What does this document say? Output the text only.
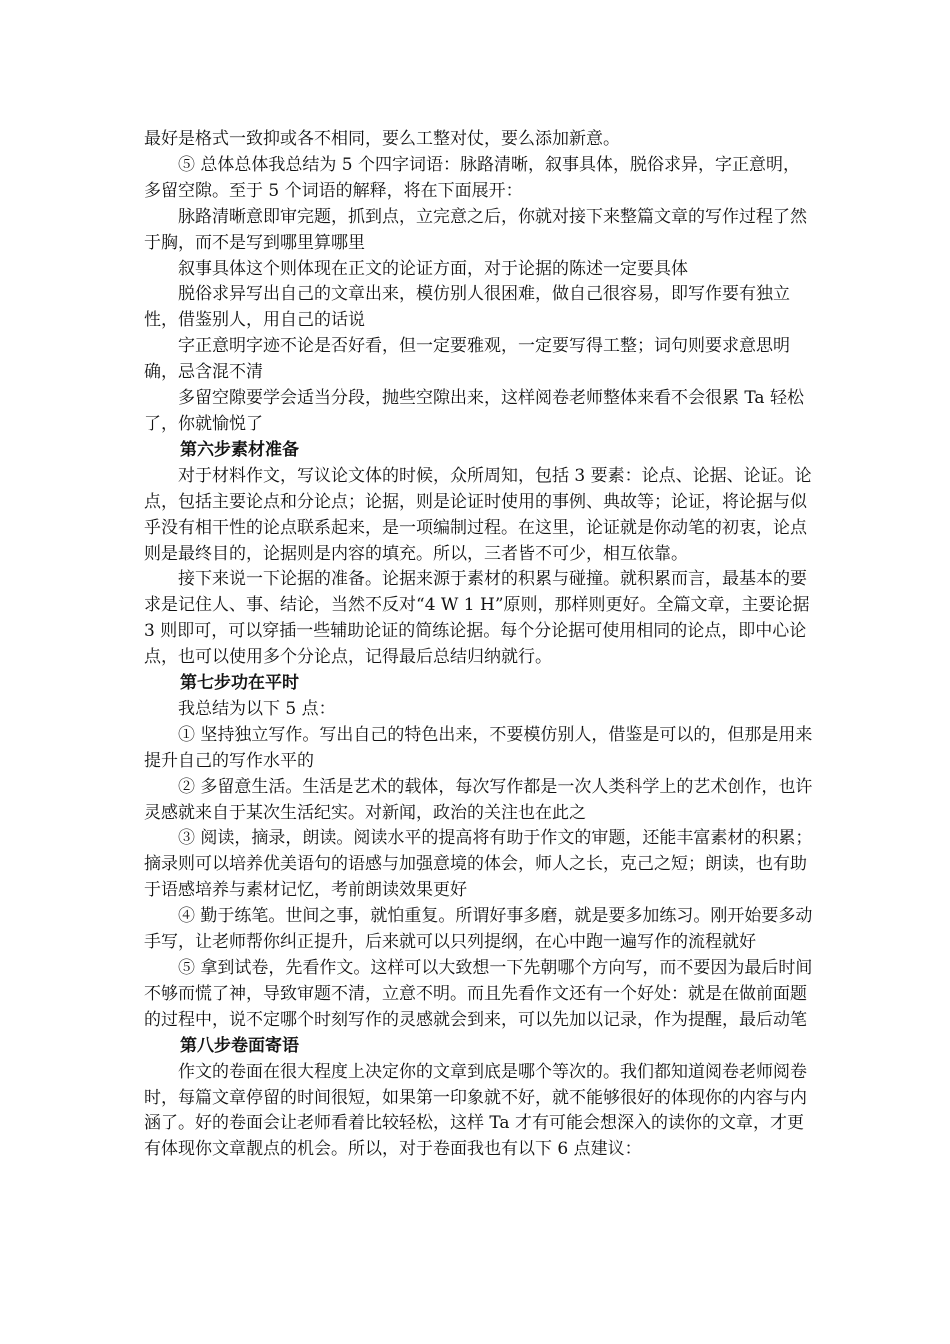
最好是格式一致抑或各不相同，要么工整对仗，要么添加新意。

⑤ 总体总体我总结为 5 个四字词语：脉路清晰，叙事具体，脱俗求异，字正意明，多留空隙。至于 5 个词语的解释，将在下面展开：

脉路清晰意即审完题，抓到点，立完意之后，你就对接下来整篇文章的写作过程了然于胸，而不是写到哪里算哪里

叙事具体这个则体现在正文的论证方面，对于论据的陈述一定要具体

脱俗求异写出自己的文章出来，模仿别人很困难，做自己很容易，即写作要有独立性，借鉴别人，用自己的话说

字正意明字迹不论是否好看，但一定要雅观，一定要写得工整；词句则要求意思明确，忌含混不清

多留空隙要学会适当分段，抛些空隙出来，这样阅卷老师整体来看不会很累 Ta 轻松了，你就愉悦了

第六步素材准备

对于材料作文，写议论文体的时候，众所周知，包括 3 要素：论点、论据、论证。论点，包括主要论点和分论点；论据，则是论证时使用的事例、典故等；论证，将论据与似乎没有相干性的论点联系起来，是一项编制过程。在这里，论证就是你动笔的初衷，论点则是最终目的，论据则是内容的填充。所以，三者皆不可少，相互依靠。

接下来说一下论据的准备。论据来源于素材的积累与碰撞。就积累而言，最基本的要求是记住人、事、结论，当然不反对“4 W 1 H”原则，那样则更好。全篇文章，主要论据 3 则即可，可以穿插一些辅助论证的简练论据。每个分论据可使用相同的论点，即中心论点，也可以使用多个分论点，记得最后总结归纳就行。

第七步功在平时

我总结为以下 5 点：

① 坚持独立写作。写出自己的特色出来，不要模仿别人，借鉴是可以的，但那是用来提升自己的写作水平的

② 多留意生活。生活是艺术的载体，每次写作都是一次人类科学上的艺术创作，也许灵感就来自于某次生活纪实。对新闻，政治的关注也在此之

③ 阅读，摘录，朗读。阅读水平的提高将有助于作文的审题，还能丰富素材的积累；摘录则可以培养优美语句的语感与加强意境的体会，师人之长，克己之短；朗读，也有助于语感培养与素材记忆，考前朗读效果更好

④ 勤于练笔。世间之事，就怕重复。所谓好事多磨，就是要多加练习。刚开始要多动手写，让老师帮你纠正提升，后来就可以只列提纲，在心中跑一遍写作的流程就好

⑤ 拿到试卷，先看作文。这样可以大致想一下先朝哪个方向写，而不要因为最后时间不够而慌了神，导致审题不清，立意不明。而且先看作文还有一个好处：就是在做前面题的过程中，说不定哪个时刻写作的灵感就会到来，可以先加以记录，作为提醒，最后动笔

第八步卷面寄语

作文的卷面在很大程度上决定你的文章到底是哪个等次的。我们都知道阅卷老师阅卷时，每篇文章停留的时间很短，如果第一印象就不好，就不能够很好的体现你的内容与内涵了。好的卷面会让老师看着比较轻松，这样 Ta 才有可能会想深入的读你的文章，才更有体现你文章靓点的机会。所以，对于卷面我也有以下 6 点建议：
